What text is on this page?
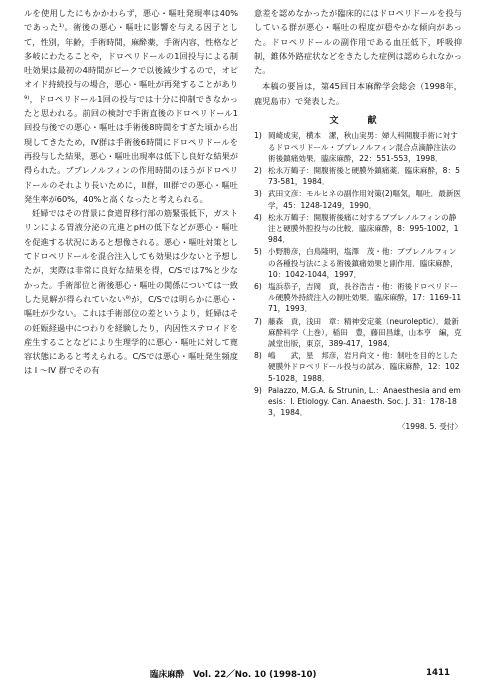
ルを使用したにもかかわらず，悪心・嘔吐発現率は40%であった¹⁾。術後の悪心・嘔吐に影響を与える因子として，性別，年齢，手術時間，麻酔薬，手術内容，性格など多岐にわたることや，ドロペリドールの1回投与による制吐効果は最初の4時間がピークで以後減少するので，オピオイド持続投与の場合，悪心・嘔吐が再発することがあり⁹⁾，ドロペリドール1回の投与では十分に抑制できなかったと思われる。前回の検討で手術直後のドロペリドール1回投与後での悪心・嘔吐は手術後8時間をすぎた頃から出現してきたため，IV群は手術後6時間にドロペリドールを再投与した結果，悪心・嘔吐出現率は低下し良好な結果が得られた。ブプレノルフィンの作用時間のほうがドロペリドールのそれより長いために，II群，III群での悪心・嘔吐発生率が60%，40%と高くなったと考えられる。

妊婦ではその背景に食道胃移行部の筋緊張低下，ガストリンによる胃液分泌の亢進とpHの低下などが悪心・嘔吐を促進する状況にあると想像される。悪心・嘔吐対策としてドロペリドールを混合注入しても効果は少ないと予想したが，実際は非常に良好な結果を得，C/Sでは7%と少なかった。手術部位と術後悪心・嘔吐の関係については一致した見解が得られていない⁹⁾が，C/Sでは明らかに悪心・嘔吐が少ない。これは手術部位の差というより，妊婦はその妊娠経過中につわりを経験したり，内因性ステロイドを産生することなどにより生理学的に悪心・嘔吐に対して寛容状態にあると考えられる。C/Sでは悪心・嘔吐発生頻度は I ～IV 群でその有

意差を認めなかったが臨床的にはドロペリドールを投与している群が悪心・嘔吐の程度が穏やかな傾向があった。ドロペリドールの副作用である血圧低下，呼吸抑制，錐体外路症状などをきたした症例は認められなかった。

本稿の要旨は，第45回日本麻酔学会総会（1998年，鹿児島市）で発表した。

文　献
1) 岡崎成実，横本　潔，秋山実男：婦人科開腹手術に対するドロペリドール・ブプレノルフィン混合点滴静注法の術後鎮痛効果．臨床麻酔，22：551-553，1998．
2) 松永万鶴子：開腹術後と硬膜外鎮痛薬．臨床麻酔，8：573-581，1984．
3) 武田文彦：モルヒネの副作用対策(2)嘔気，嘔吐．最新医学，45：1248-1249，1990．
4) 松永万鶴子：開腹術後痛に対するブプレノルフィンの静注と硬膜外腔投与の比較．臨床麻酔，8：995-1002，1984．
5) 小野勝彦，白鳥隆明，塩澤　茂・他：ブプレノルフィンの各種投与法による術後鎮痛効果と副作用．臨床麻酔，10：1042-1044，1997．
6) 塩浜恭子，吉岡　貢，長谷浩吉・他：術後ドロペリドール硬膜外持続注入の制吐効果．臨床麻酔，17：1169-1171，1993．
7) 藤森　貢，浅田　章：精神安定薬（neuroleptic）．最新麻酔科学（上巻），稲田　豊，藤田昌雄，山本亨　編，克誠堂出版，東京，389-417，1984．
8) 嶋　　武，星　邦彦，岩月尚文・他：制吐を目的とした硬膜外ドロペリドール投与の試み．臨床麻酔，12：1025-1028，1988．
9) Palazzo, M.G.A. & Strunin, L.：Anaesthesia and emesis：I. Etiology. Can. Anaesth. Soc. J. 31：178-183，1984．
〈1998. 5. 受付〉
臨床麻酔　Vol. 22／No. 10 (1998-10)	1411
